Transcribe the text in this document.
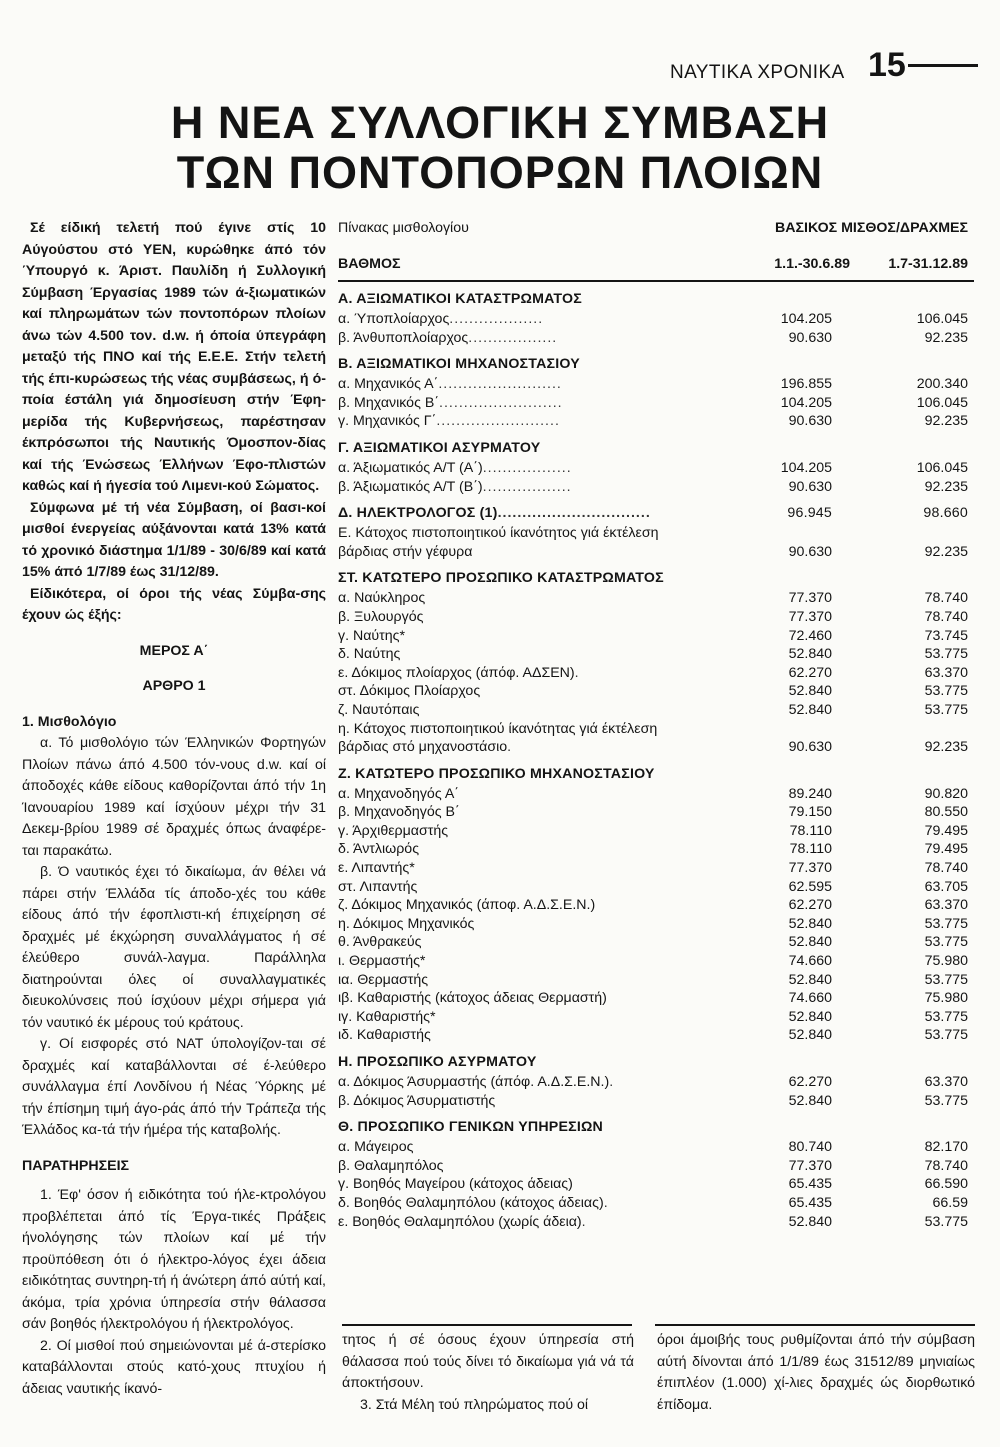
15
ΝΑΥΤΙΚΑ ΧΡΟΝΙΚΑ
Η ΝΕΑ ΣΥΛΛΟΓΙΚΗ ΣΥΜΒΑΣΗ
ΤΩΝ ΠΟΝΤΟΠΟΡΩΝ ΠΛΟΙΩΝ

Σέ είδική τελετή πού έγινε στίς 10 Αύγούστου στό ΥΕΝ, κυρώθηκε άπό τόν Ύπουργό κ. Άριστ. Παυλίδη ή Συλλογική Σύμβαση Έργασίας 1989 τών ά-ξιωματικών καί πληρωμάτων τών ποντοπόρων πλοίων άνω τών 4.500 τον. d.w. ή όποία ύπεγράφη μεταξύ τής ΠΝΟ καί τής Ε.Ε.Ε. Στήν τελετή τής έπι-κυρώσεως τής νέας συμβάσεως, ή ό-ποία έστάλη γιά δημοσίευση στήν Έφη-μερίδα τής Κυβερνήσεως, παρέστησαν έκπρόσωποι τής Ναυτικής Όμοσπον-δίας καί τής Ένώσεως Έλλήνων Έφο-πλιστών καθώς καί ή ήγεσία τού Λιμενι-κού Σώματος.

Σύμφωνα μέ τή νέα Σύμβαση, οί βασι-κοί μισθοί ένεργείας αύξάνονται κατά 13% κατά τό χρονικό διάστημα 1/1/89 - 30/6/89 καί κατά 15% άπό 1/7/89 έως 31/12/89.

Είδικότερα, οί όροι τής νέας Σύμβα-σης έχουν ώς έξής:

ΜΕΡΟΣ Α΄

ΑΡΘΡΟ 1

1. Μισθολόγιο

α. Τό μισθολόγιο τών Έλληνικών Φορτηγών Πλοίων πάνω άπό 4.500 τόν-νους d.w. καί οί άποδοχές κάθε είδους καθορίζονται άπό τήν 1η Ίανουαρίου 1989 καί ίσχύουν μέχρι τήν 31 Δεκεμ-βρίου 1989 σέ δραχμές όπως άναφέρε-ται παρακάτω.

β. Ό ναυτικός έχει τό δικαίωμα, άν θέλει νά πάρει στήν Έλλάδα τίς άποδο-χές του κάθε είδους άπό τήν έφοπλιστι-κή έπιχείρηση σέ δραχμές μέ έκχώρηση συναλλάγματος ή σέ έλεύθερο συνάλ-λαγμα. Παράλληλα διατηρούνται όλες οί συναλλαγματικές διευκολύνσεις πού ίσχύουν μέχρι σήμερα γιά τόν ναυτικό έκ μέρους τού κράτους.

γ. Οί εισφορές στό ΝΑΤ ύπολογίζον-ται σέ δραχμές καί καταβάλλονται σέ έ-λεύθερο συνάλλαγμα έπί Λονδίνου ή Νέας Ύόρκης μέ τήν έπίσημη τιμή άγο-ράς άπό τήν Τράπεζα τής Έλλάδος κα-τά τήν ήμέρα τής καταβολής.

ΠΑΡΑΤΗΡΗΣΕΙΣ

1. Έφ' όσον ή ειδικότητα τού ήλε-κτρολόγου προβλέπεται άπό τίς Έργα-τικές Πράξεις ήνολόγησης τών πλοίων καί μέ τήν προϋπόθεση ότι ό ήλεκτρο-λόγος έχει άδεια ειδικότητας συντηρη-τή ή άνώτερη άπό αύτή καί, άκόμα, τρία χρόνια ύπηρεσία στήν θάλασσα σάν βοηθός ήλεκτρολόγου ή ήλεκτρολόγος.

2. Οί μισθοί πού σημειώνονται μέ ά-στερίσκο καταβάλλονται στούς κατό-χους πτυχίου ή άδειας ναυτικής ίκανό-

Πίνακας μισθολογίου	ΒΑΣΙΚΟΣ ΜΙΣΘΟΣ/ΔΡΑΧΜΕΣ
ΒΑΘΜΟΣ	1.1.-30.6.89	1.7-31.12.89
Α. ΑΞΙΩΜΑΤΙΚΟΙ ΚΑΤΑΣΤΡΩΜΑΤΟΣ
α. Ύποπλοίαρχος...................	104.205	106.045
β. Άνθυποπλοίαρχος..................	90.630	92.235
Β. ΑΞΙΩΜΑΤΙΚΟΙ ΜΗΧΑΝΟΣΤΑΣΙΟΥ
α. Μηχανικός Α΄.........................	196.855	200.340
β. Μηχανικός Β΄.........................	104.205	106.045
γ. Μηχανικός Γ΄.........................	90.630	92.235
Γ. ΑΞΙΩΜΑΤΙΚΟΙ ΑΣΥΡΜΑΤΟΥ
α. Άξιωματικός Α/Τ (Α΄)..................	104.205	106.045
β. Άξιωματικός Α/Τ (Β΄)..................	90.630	92.235
Δ. ΗΛΕΚΤΡΟΛΟΓΟΣ (1)...............................	96.945	98.660
Ε. Κάτοχος πιστοποιητικού ίκανότητος γιά έκτέλεση
βάρδιας στήν γέφυρα	90.630	92.235
ΣΤ. ΚΑΤΩΤΕΡΟ ΠΡΟΣΩΠΙΚΟ ΚΑΤΑΣΤΡΩΜΑΤΟΣ
α. Ναύκληρος	77.370	78.740
β. Ξυλουργός	77.370	78.740
γ. Ναύτης*	72.460	73.745
δ. Ναύτης	52.840	53.775
ε. Δόκιμος πλοίαρχος (άπόφ. ΑΔΣΕΝ).	62.270	63.370
στ. Δόκιμος Πλοίαρχος	52.840	53.775
ζ. Ναυτόπαις	52.840	53.775
η. Κάτοχος πιστοποιητικού ίκανότητας γιά έκτέλεση
βάρδιας στό μηχανοστάσιο.	90.630	92.235
Ζ. ΚΑΤΩΤΕΡΟ ΠΡΟΣΩΠΙΚΟ ΜΗΧΑΝΟΣΤΑΣΙΟΥ
α. Μηχανοδηγός Α΄	89.240	90.820
β. Μηχανοδηγός Β΄	79.150	80.550
γ. Άρχιθερμαστής	78.110	79.495
δ. Άντλιωρός	78.110	79.495
ε. Λιπαντής*	77.370	78.740
στ. Λιπαντής	62.595	63.705
ζ. Δόκιμος Μηχανικός (άποφ. Α.Δ.Σ.Ε.Ν.)	62.270	63.370
η. Δόκιμος Μηχανικός	52.840	53.775
θ. Άνθρακεύς	52.840	53.775
ι. Θερμαστής*	74.660	75.980
ια. Θερμαστής	52.840	53.775
ιβ. Καθαριστής (κάτοχος άδειας Θερμαστή)	74.660	75.980
ιγ. Καθαριστής*	52.840	53.775
ιδ. Καθαριστής	52.840	53.775
Η. ΠΡΟΣΩΠΙΚΟ ΑΣΥΡΜΑΤΟΥ
α. Δόκιμος Άσυρμαστής (άπόφ. Α.Δ.Σ.Ε.Ν.).	62.270	63.370
β. Δόκιμος Άσυρματιστής	52.840	53.775
Θ. ΠΡΟΣΩΠΙΚΟ ΓΕΝΙΚΩΝ ΥΠΗΡΕΣΙΩΝ
α. Μάγειρος	80.740	82.170
β. Θαλαμηπόλος	77.370	78.740
γ. Βοηθός Μαγείρου (κάτοχος άδειας)	65.435	66.590
δ. Βοηθός Θαλαμηπόλου (κάτοχος άδειας).	65.435	66.59
ε. Βοηθός Θαλαμηπόλου (χωρίς άδεια).	52.840	53.775

τητος ή σέ όσους έχουν ύπηρεσία στή θάλασσα πού τούς δίνει τό δικαίωμα γιά νά τά άποκτήσουν.

3. Στά Μέλη τού πληρώματος πού οί

όροι άμοιβής τους ρυθμίζονται άπό τήν σύμβαση αύτή δίνονται άπό 1/1/89 έως 31512/89 μηνιαίως έπιπλέον (1.000) χί-λιες δραχμές ώς διορθωτικό έπίδομα.
